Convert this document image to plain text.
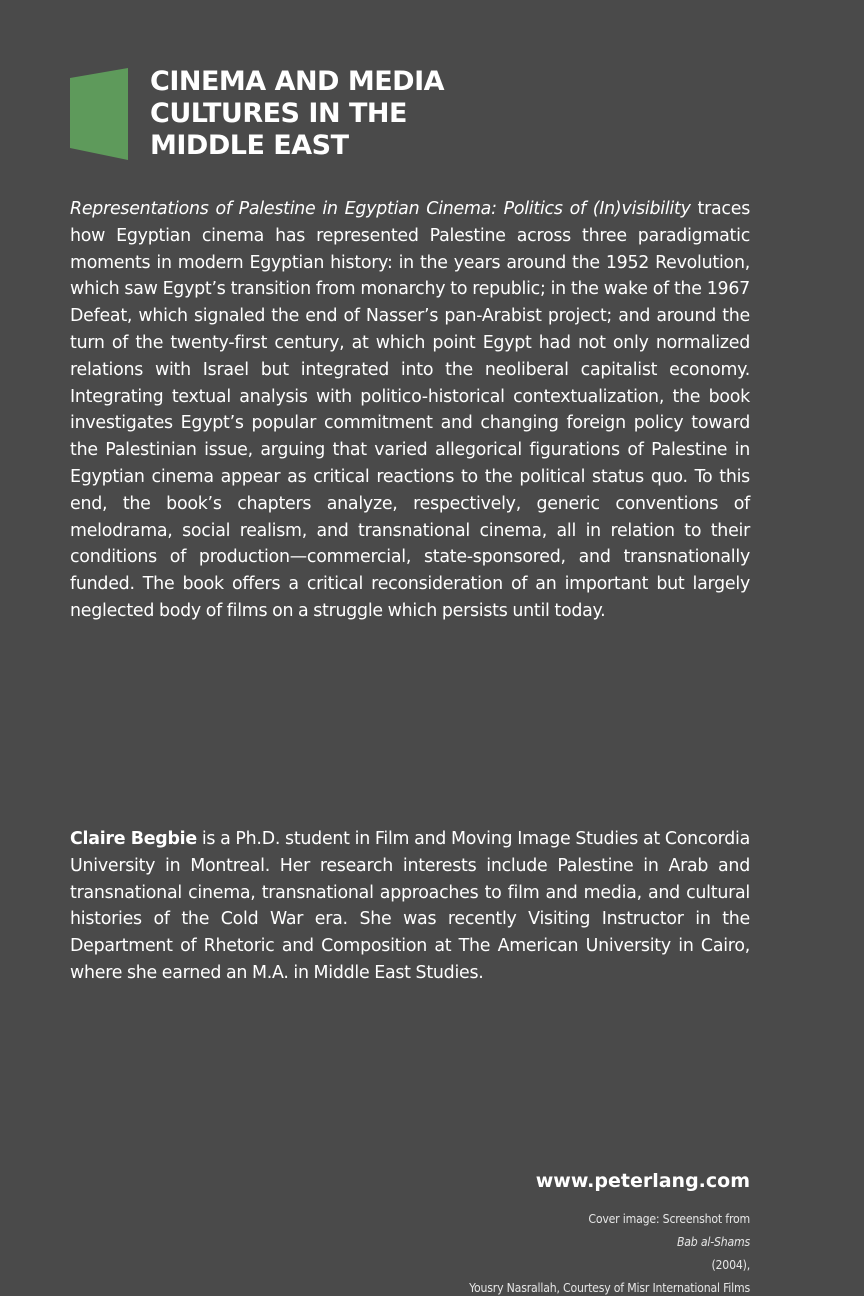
CINEMA AND MEDIA
CULTURES IN THE
MIDDLE EAST

Representations of Palestine in Egyptian Cinema: Politics of (In)visibility traces how Egyptian cinema has represented Palestine across three paradigmatic moments in modern Egyptian history: in the years around the 1952 Revolution, which saw Egypt’s transition from monarchy to republic; in the wake of the 1967 Defeat, which signaled the end of Nasser’s pan-Arabist project; and around the turn of the twenty-first century, at which point Egypt had not only normalized relations with Israel but integrated into the neoliberal capitalist economy. Integrating textual analysis with politico-historical contextualization, the book investigates Egypt’s popular commitment and changing foreign policy toward the Palestinian issue, arguing that varied allegorical figurations of Palestine in Egyptian cinema appear as critical reactions to the political status quo. To this end, the book’s chapters analyze, respectively, generic conventions of melodrama, social realism, and transnational cinema, all in relation to their conditions of production—commercial, state-sponsored, and transnationally funded. The book offers a critical reconsideration of an important but largely neglected body of films on a struggle which persists until today.

Claire Begbie is a Ph.D. student in Film and Moving Image Studies at Concordia University in Montreal. Her research interests include Palestine in Arab and transnational cinema, transnational approaches to film and media, and cultural histories of the Cold War era. She was recently Visiting Instructor in the Department of Rhetoric and Composition at The American University in Cairo, where she earned an M.A. in Middle East Studies.

www.peterlang.com
Cover image: Screenshot from
Bab al-Shams
(2004),
Yousry Nasrallah, Courtesy of Misr International Films
